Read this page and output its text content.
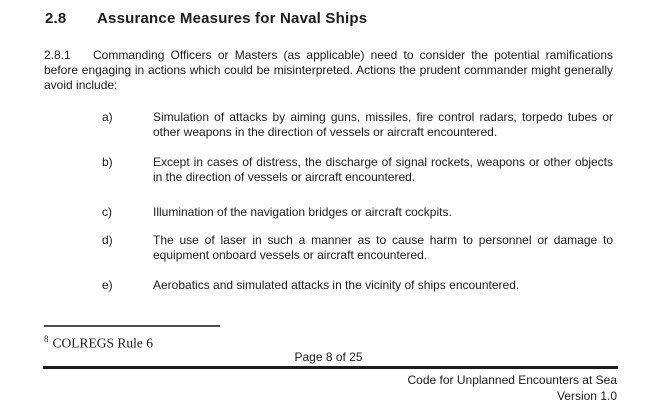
2.8	Assurance Measures for Naval Ships

2.8.1 Commanding Officers or Masters (as applicable) need to consider the potential ramifications before engaging in actions which could be misinterpreted. Actions the prudent commander might generally avoid include:

a)	Simulation of attacks by aiming guns, missiles, fire control radars, torpedo tubes or other weapons in the direction of vessels or aircraft encountered.
b)	Except in cases of distress, the discharge of signal rockets, weapons or other objects in the direction of vessels or aircraft encountered.
c)	Illumination of the navigation bridges or aircraft cockpits.
d)	The use of laser in such a manner as to cause harm to personnel or damage to equipment onboard vessels or aircraft encountered.
e)	Aerobatics and simulated attacks in the vicinity of ships encountered.
$^8$ COLREGS Rule 6
Page 8 of 25
Code for Unplanned Encounters at Sea
Version 1.0
